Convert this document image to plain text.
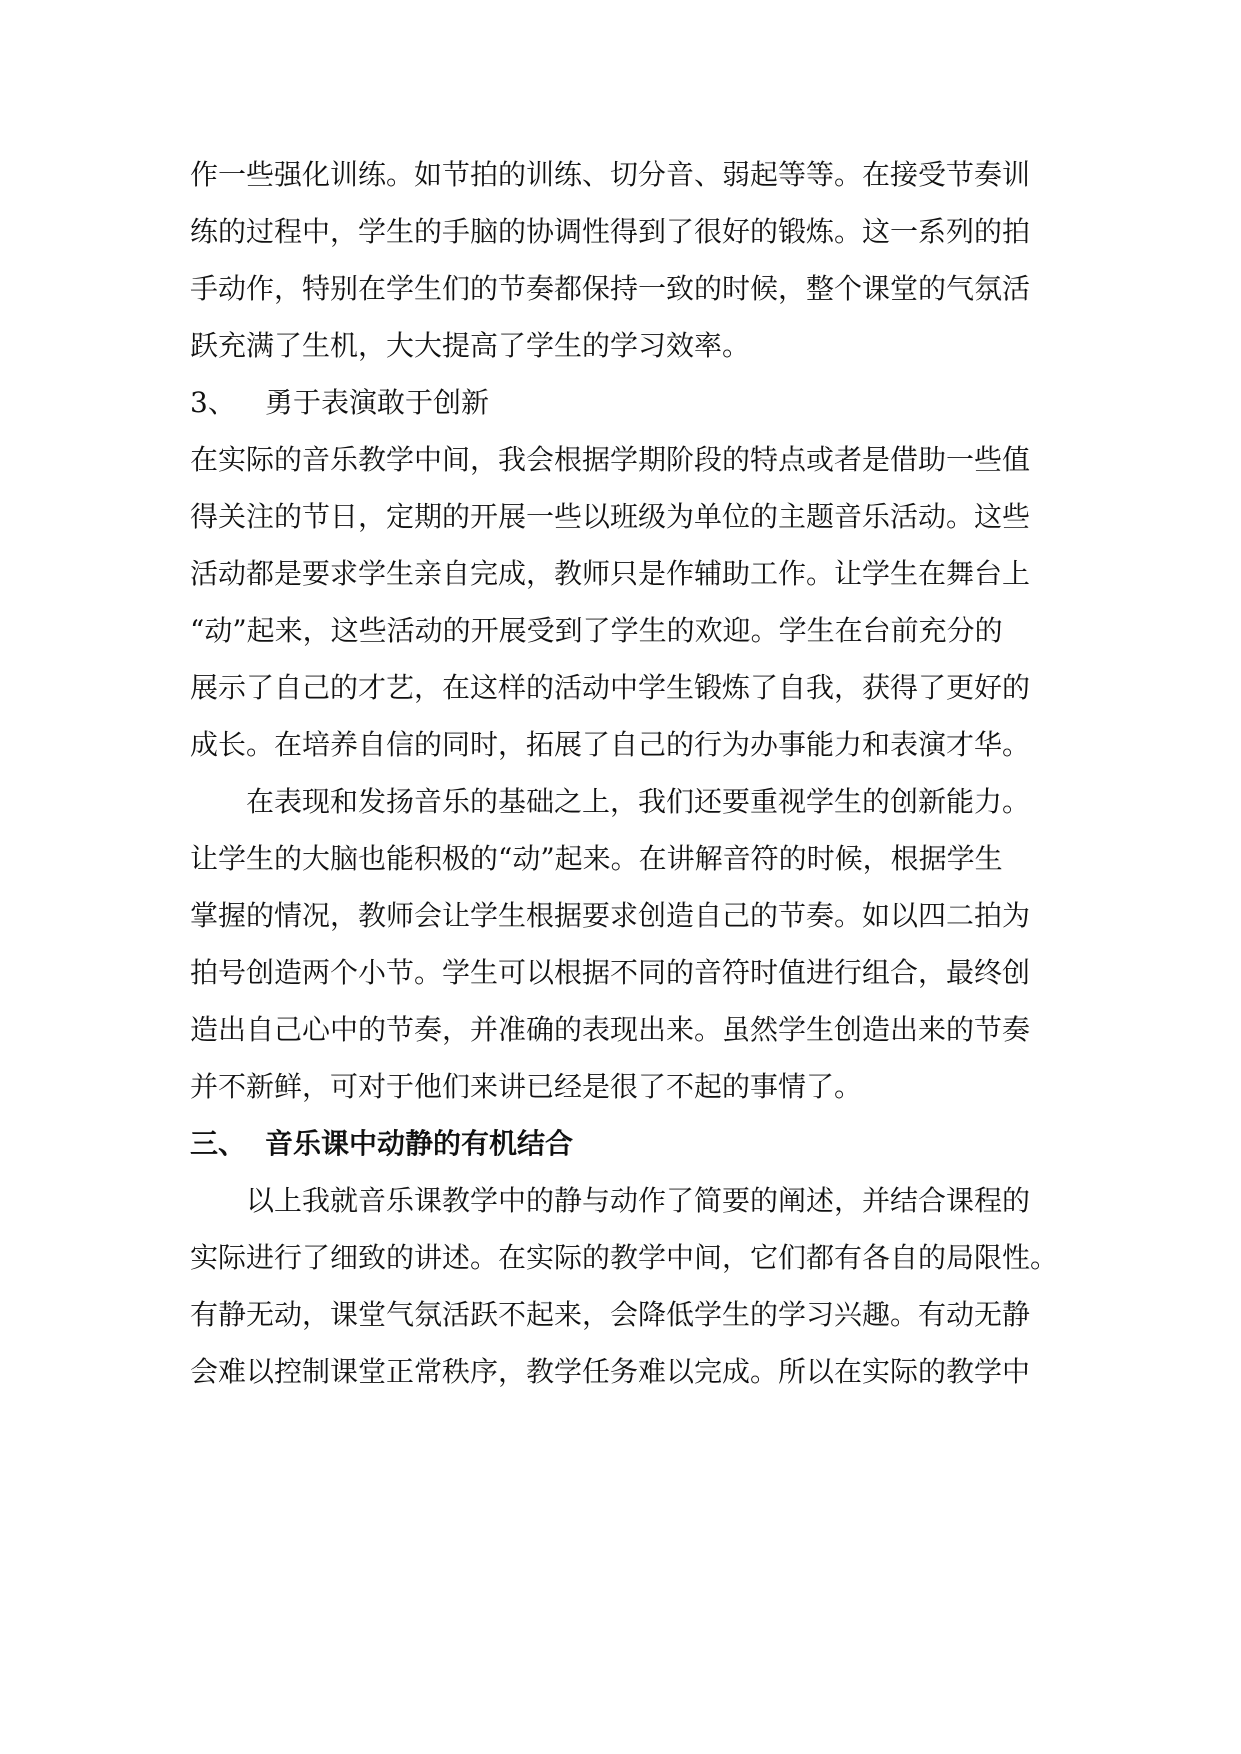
作一些强化训练。如节拍的训练、切分音、弱起等等。在接受节奏训
练的过程中，学生的手脑的协调性得到了很好的锻炼。这一系列的拍
手动作，特别在学生们的节奏都保持一致的时候，整个课堂的气氛活
跃充满了生机，大大提高了学生的学习效率。
3、 勇于表演敢于创新
在实际的音乐教学中间，我会根据学期阶段的特点或者是借助一些值
得关注的节日，定期的开展一些以班级为单位的主题音乐活动。这些
活动都是要求学生亲自完成，教师只是作辅助工作。让学生在舞台上
“动”起来，这些活动的开展受到了学生的欢迎。学生在台前充分的
展示了自己的才艺，在这样的活动中学生锻炼了自我，获得了更好的
成长。在培养自信的同时，拓展了自己的行为办事能力和表演才华。
在表现和发扬音乐的基础之上，我们还要重视学生的创新能力。
让学生的大脑也能积极的“动”起来。在讲解音符的时候，根据学生
掌握的情况，教师会让学生根据要求创造自己的节奏。如以四二拍为
拍号创造两个小节。学生可以根据不同的音符时值进行组合，最终创
造出自己心中的节奏，并准确的表现出来。虽然学生创造出来的节奏
并不新鲜，可对于他们来讲已经是很了不起的事情了。
三、 音乐课中动静的有机结合
以上我就音乐课教学中的静与动作了简要的阐述，并结合课程的
实际进行了细致的讲述。在实际的教学中间，它们都有各自的局限性。
有静无动，课堂气氛活跃不起来，会降低学生的学习兴趣。有动无静
会难以控制课堂正常秩序，教学任务难以完成。所以在实际的教学中
